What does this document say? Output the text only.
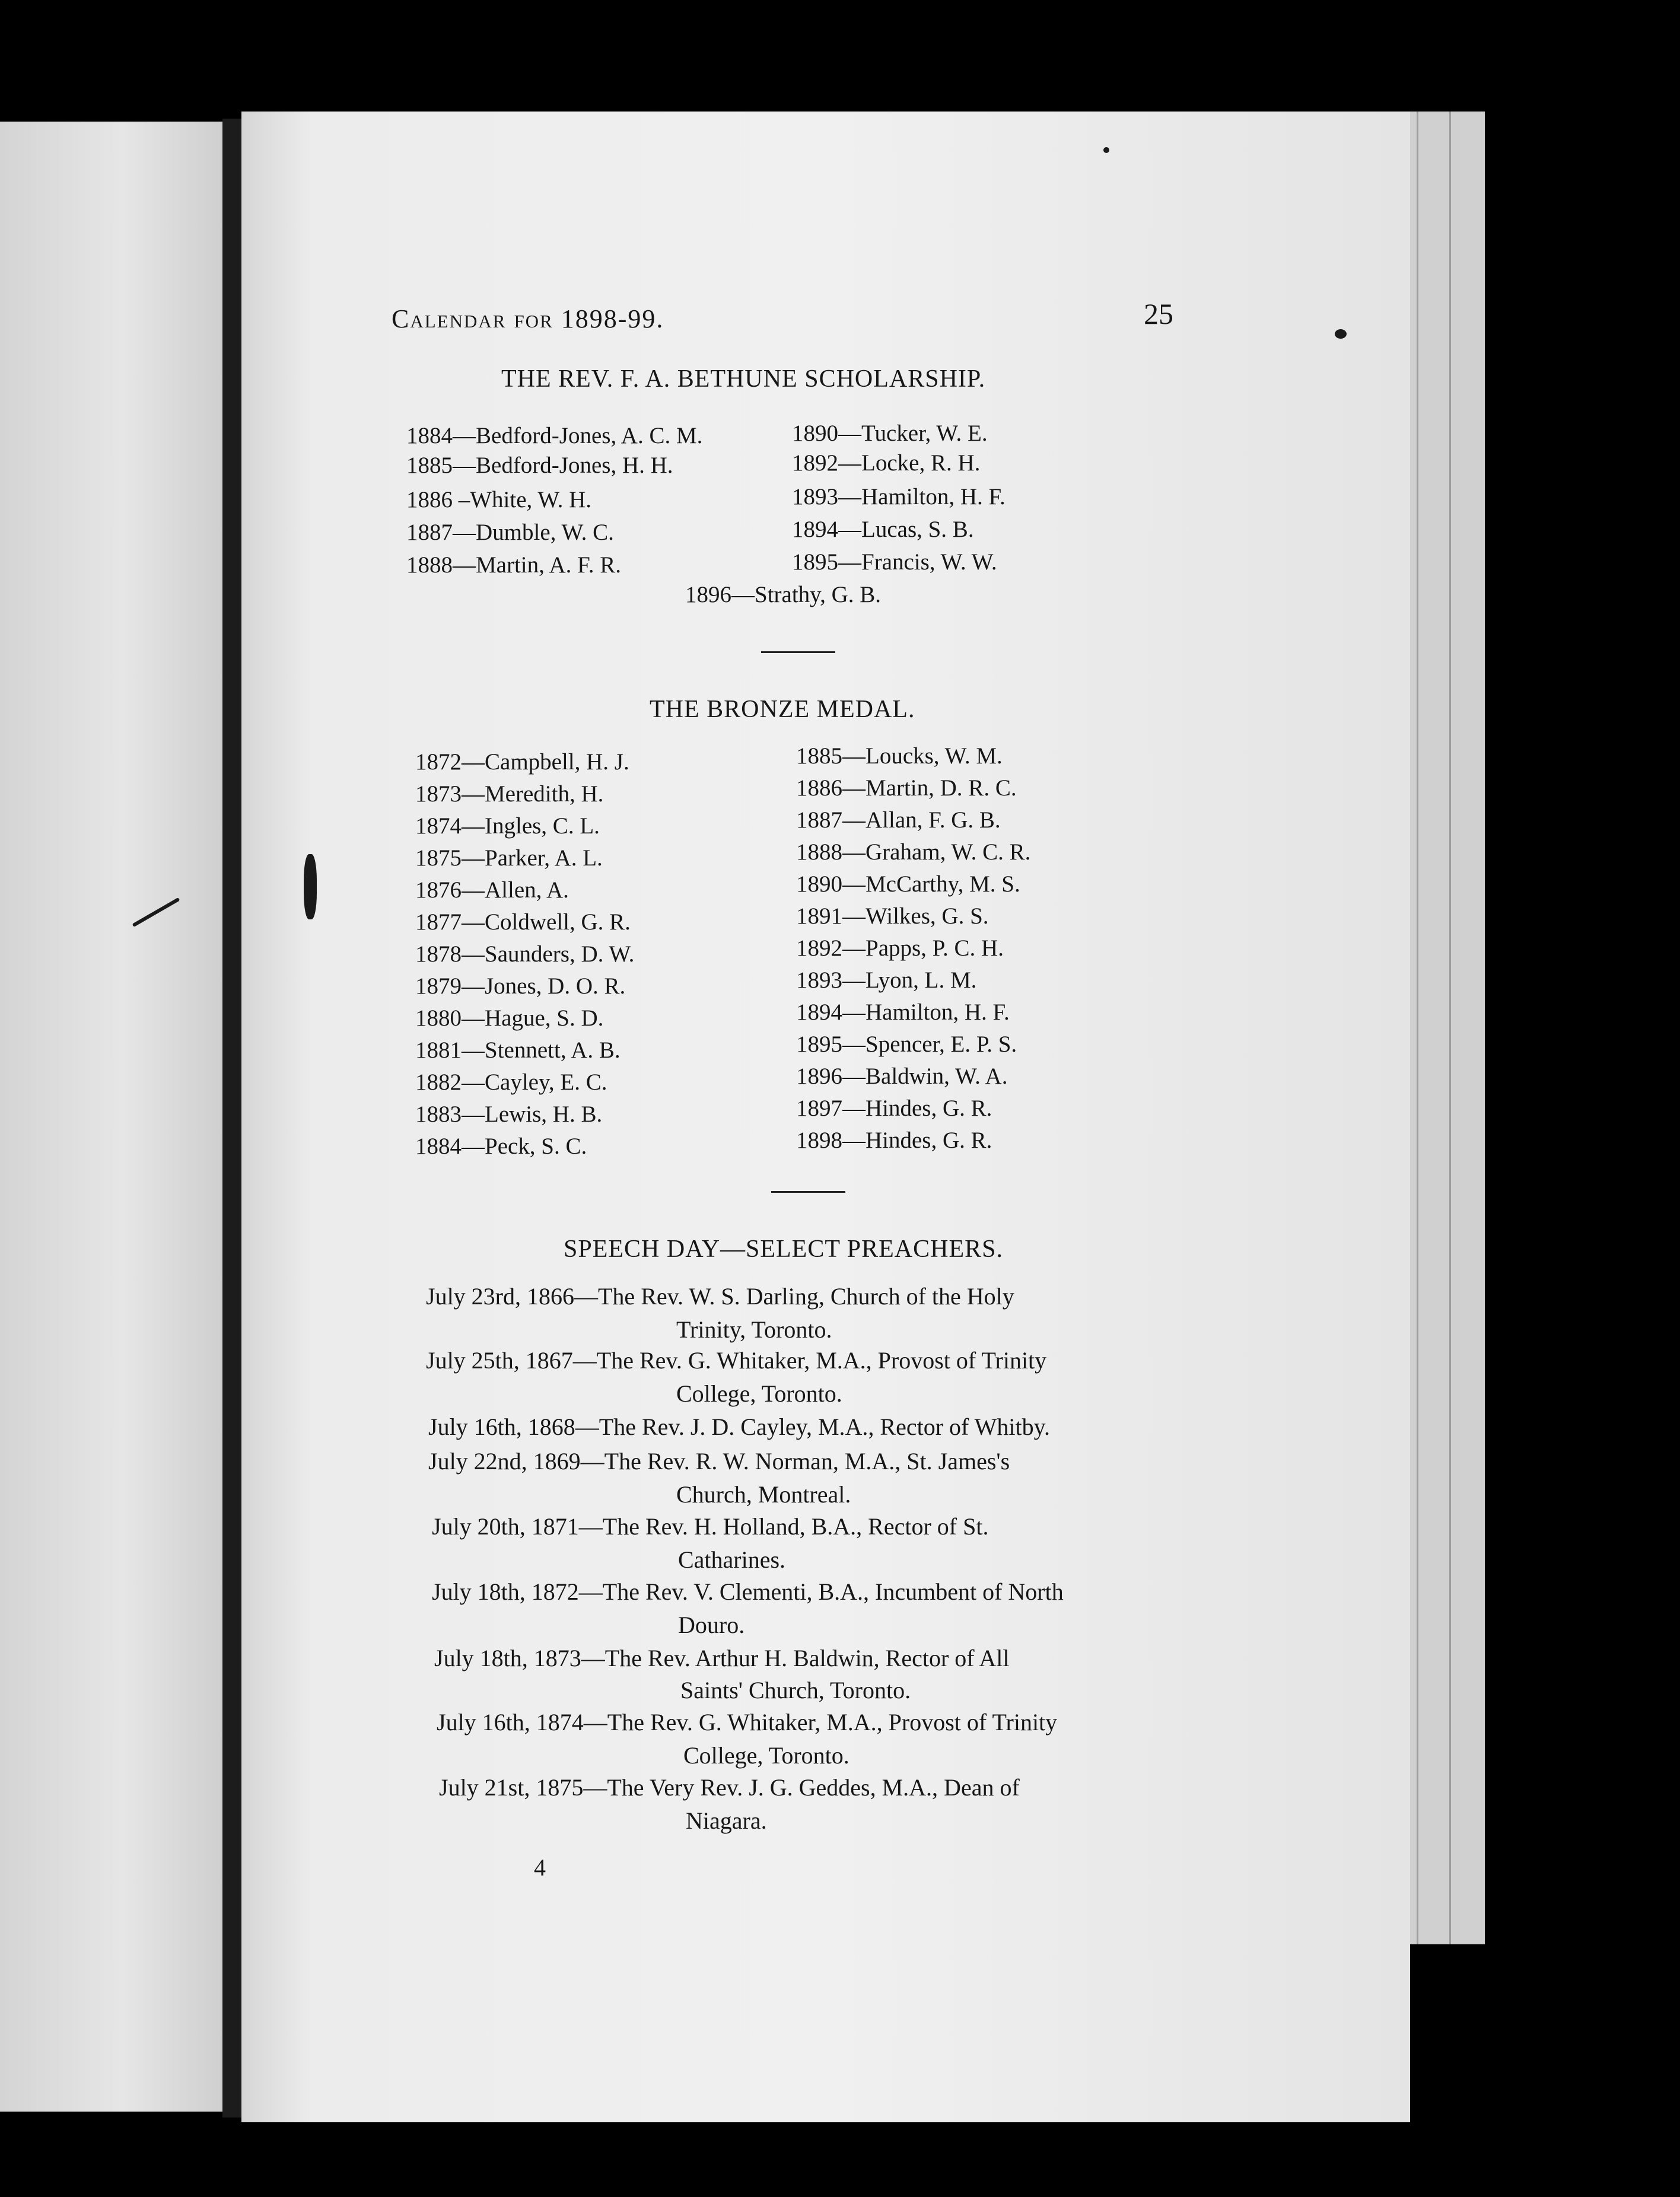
Calendar for 1898-99.	25
THE REV. F. A. BETHUNE SCHOLARSHIP.
1884—Bedford-Jones, A. C. M.
1885—Bedford-Jones, H. H.
1886 –White, W. H.
1887—Dumble, W. C.
1888—Martin, A. F. R.
1890—Tucker, W. E.
1892—Locke, R. H.
1893—Hamilton, H. F.
1894—Lucas, S. B.
1895—Francis, W. W.
1896—Strathy, G. B.
THE BRONZE MEDAL.
1872—Campbell, H. J.
1873—Meredith, H.
1874—Ingles, C. L.
1875—Parker, A. L.
1876—Allen, A.
1877—Coldwell, G. R.
1878—Saunders, D. W.
1879—Jones, D. O. R.
1880—Hague, S. D.
1881—Stennett, A. B.
1882—Cayley, E. C.
1883—Lewis, H. B.
1884—Peck, S. C.
1885—Loucks, W. M.
1886—Martin, D. R. C.
1887—Allan, F. G. B.
1888—Graham, W. C. R.
1890—McCarthy, M. S.
1891—Wilkes, G. S.
1892—Papps, P. C. H.
1893—Lyon, L. M.
1894—Hamilton, H. F.
1895—Spencer, E. P. S.
1896—Baldwin, W. A.
1897—Hindes, G. R.
1898—Hindes, G. R.
SPEECH DAY—SELECT PREACHERS.
July 23rd, 1866—The Rev. W. S. Darling, Church of the Holy
Trinity, Toronto.
July 25th, 1867—The Rev. G. Whitaker, M.A., Provost of Trinity
College, Toronto.
July 16th, 1868—The Rev. J. D. Cayley, M.A., Rector of Whitby.
July 22nd, 1869—The Rev. R. W. Norman, M.A., St. James's
Church, Montreal.
July 20th, 1871—The Rev. H. Holland, B.A., Rector of St.
Catharines.
July 18th, 1872—The Rev. V. Clementi, B.A., Incumbent of North
Douro.
July 18th, 1873—The Rev. Arthur H. Baldwin, Rector of All
Saints' Church, Toronto.
July 16th, 1874—The Rev. G. Whitaker, M.A., Provost of Trinity
College, Toronto.
July 21st, 1875—The Very Rev. J. G. Geddes, M.A., Dean of
Niagara.
4
